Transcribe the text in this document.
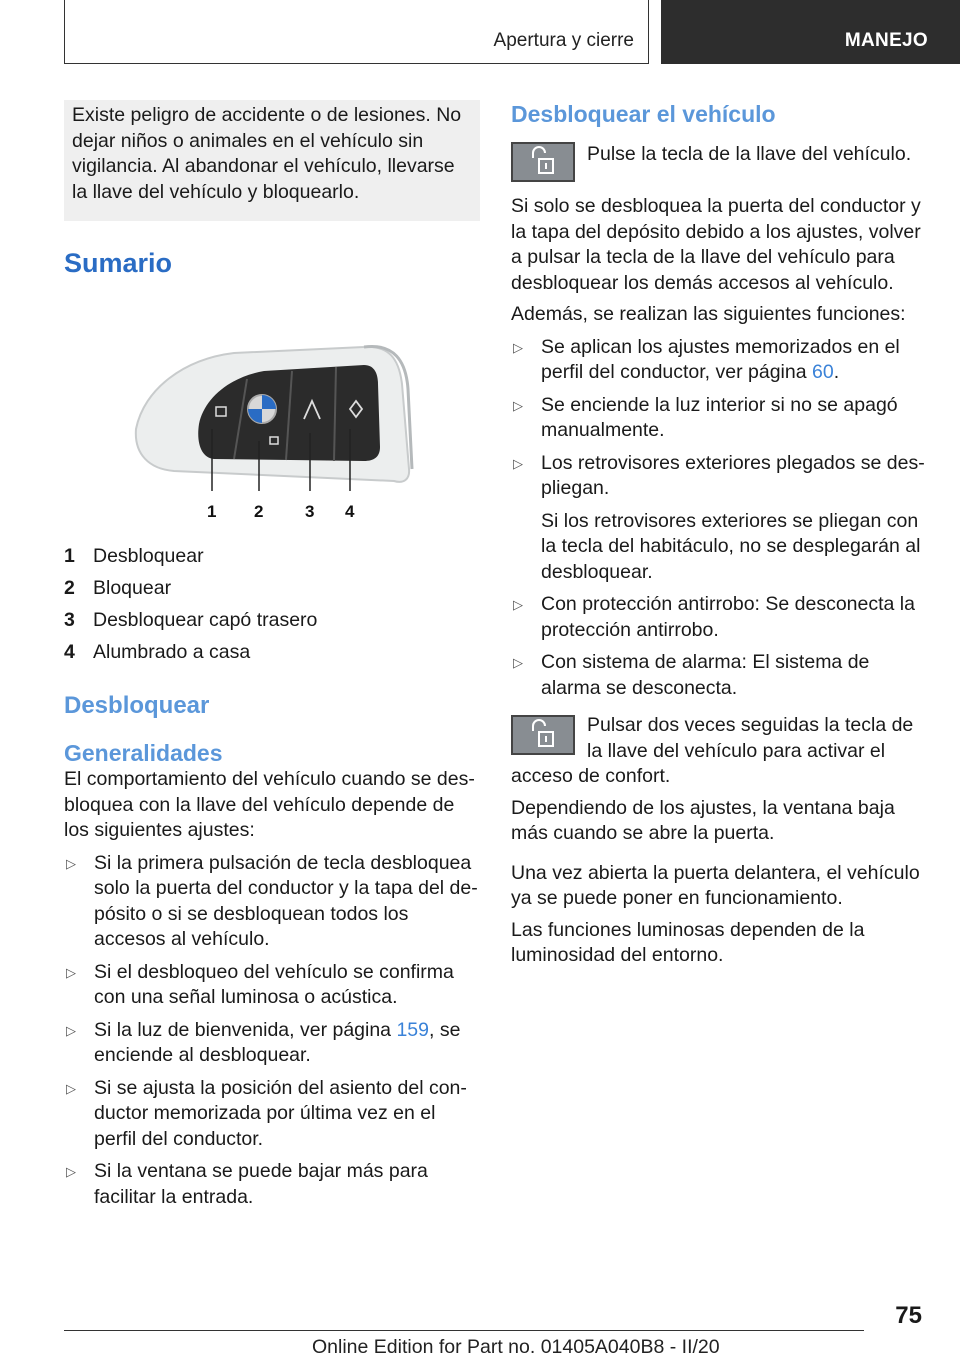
Apertura y cierre	MANEJO

Existe peligro de accidente o de lesiones. No dejar niños o animales en el vehículo sin vigilancia. Al abandonar el vehículo, llevarse la llave del vehículo y bloquearlo.

Sumario
1 2 3 4
1 Desbloquear
2 Bloquear
3 Desbloquear capó trasero
4 Alumbrado a casa
Desbloquear
Generalidades

El comportamiento del vehículo cuando se desbloquea con la llave del vehículo depende de los siguientes ajustes:

▷ Si la primera pulsación de tecla desbloquea solo la puerta del conductor y la tapa del depósito o si se desbloquean todos los accesos al vehículo.
▷ Si el desbloqueo del vehículo se confirma con una señal luminosa o acústica.
▷ Si la luz de bienvenida, ver página 159, se enciende al desbloquear.
▷ Si se ajusta la posición del asiento del conductor memorizada por última vez en el perfil del conductor.
▷ Si la ventana se puede bajar más para facilitar la entrada.
Desbloquear el vehículo

Pulse la tecla de la llave del vehículo.

Si solo se desbloquea la puerta del conductor y la tapa del depósito debido a los ajustes, volver a pulsar la tecla de la llave del vehículo para desbloquear los demás accesos al vehículo.

Además, se realizan las siguientes funciones:

▷ Se aplican los ajustes memorizados en el perfil del conductor, ver página 60.
▷ Se enciende la luz interior si no se apagó manualmente.
▷ Los retrovisores exteriores plegados se despliegan.

Si los retrovisores exteriores se pliegan con la tecla del habitáculo, no se desplegarán al desbloquear.

▷ Con protección antirrobo: Se desconecta la protección antirrobo.
▷ Con sistema de alarma: El sistema de alarma se desconecta.

Pulsar dos veces seguidas la tecla de la llave del vehículo para activar el acceso de confort.

Dependiendo de los ajustes, la ventana baja más cuando se abre la puerta.

Una vez abierta la puerta delantera, el vehículo ya se puede poner en funcionamiento.

Las funciones luminosas dependen de la luminosidad del entorno.

75
Online Edition for Part no. 01405A040B8 - II/20
